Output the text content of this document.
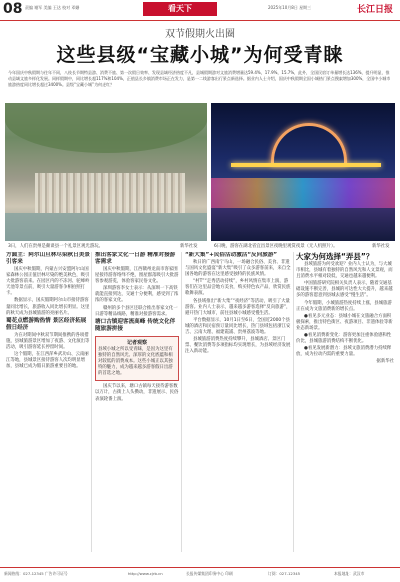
08 责编 谢军 美编 王达 校对 邓姗	看天下	2025年10月8日 星期三	长江日报
双节假期火出圈
这些县级“宝藏小城”为何受青睐
今年国庆中秋假期与往年不同，八枝长节期特县游、消费不旅、第一次假日效率、发现县域经济热度不凡，县城假期游对文旅消费增量达59.4%，17.9%，15.7%，此外，全国民宿订单量增长达136%，提升明显，推动县域文旅多样化发展。同样假期中，同比增长超117%和104%，正值县长乡镇消费市场正在发力，是第一二线游客出行景点新选择。据业内人士介绍，国庆中秋假期全国小城热门景点搜索增加300%，全国中小城市旅游热度同比增长超过3400%。县级“宝藏小城”为何走红？
3日，人们在贵州是颇谈县一个礼景区观光游玩。	新华社发	6日晚，游客在湖北省宜昌景区夜晚里观赏夜景（无人机照片）。	新华社发

方圆主：阿尔山旦林尽染秋日美景引客来

国庆中秋假期，内蒙古兴安盟阿尔山国家森林公园正值层林尽染的绝美秋色，吸引大批游客前来。在园区内的不冻河、驼峰岭天池等景点前，吸引大量游客争相拍照打卡。

数据显示，国庆假期阿尔山市接待游客量同比增长，旅游收入同比增长明显。这里的秋天成为县城旅游的亮丽名片。

蜀花点燃游购热情 景区经济拓展假日经济

为在对期间中秋双节期间推携的各项措施，县城旅游景区增加了夜游、文化演出等活动，吸引游客延长停留时间。

这个假期，在江西萍乡武功山、云南丽江等地，县城景区接待游客人次均明显增加，县城已成为假日旅游重要目的地。

推出客家文化一日游 精准对接游客需求

国庆中秋假期，江西赣州龙南市客家围屋接待游客络绎不绝，围屋群落吸引大批游客参观游览，体验客家民俗文化。

深圳游客李女士表示：从深圳一下高铁就能直接到达，交通十分便利，感受到了浓浓的客家文化。

赣州的多个县区还联合推出客家文化一日游等精品线路，精准对接游客需求。

塘口古镇迎客流高峰 传统文化伴随旅游拼接

记者观察

县域小城之所以受青睐，是因为这里有独特的自然风光、深厚的文化底蕴和相对较低的消费成本。这些小城正以其独特的魅力，成为越来越多游客假日出游的首选之地。

国庆节以来，塘口古镇每天接待游客数以万计，古街上人头攒动，非遗展示、民俗表演轮番上演。

“新大集”+民俗活动激活“反向旅游”

秋日的广西南宁马山，一场融合民俗、美食、非遗与国风文化盛宴“新大集”吸引了众多游客前来，来自全国各地的游客在这里感受独特的民族风情。

“村T”“走秀活动持续”，乡村风情在集市上演，游客们在这里品尝地方美食，购买特色农产品，欣赏民族歌舞表演。

各县域推出“新大集”“夜经济”等活动，吸引了大量游客。业内人士表示，越来越多游客选择“反向旅游”，避开热门大城市，前往县城小城感受慢生活。

平台数据显示，10月1日至6日，全国近2000个县城的酒店和民宿预订量同比增长，热门县域包括浙江安吉、云南大理、福建霞浦、贵州荔波等地。

县城旅游消费热度持续攀升，县城酒店、景区门票、餐饮消费等多项指标均实现增长，为县域经济发展注入新动能。

大家为何选择“弄县”？

县域旅游为何受欢迎？业内人士认为，与大城市相比，县城有着独特的自然风光和人文景观，而且消费水平相对较低，交通也越来越便利。

中国旅游研究院相关负责人表示，随着交通基础设施不断完善，县城的可达性大大提升，越来越多的游客愿意到县城去感受“慢生活”。

今年假期，小城旅游热度持续上涨，县城旅游正在成为文旅消费新的增长点。

●看见多元业态：县城小城在文旅融合方面积极探索，推出特色街区、夜游项目、非遗体验等新业态新场景。

●看见消费新变化：游客更加注重体验感和性价比，县城旅游消费结构不断优化。

●看见发展新潜力：县域文旅消费潜力持续释放，成为拉动内需的重要力量。

据新华社

新闻热线：027-12345 广告许可证号	http://www.cjrb.cn	长报传媒集团印务中心 印刷	订阅：027-12345	本报地址：武汉市
